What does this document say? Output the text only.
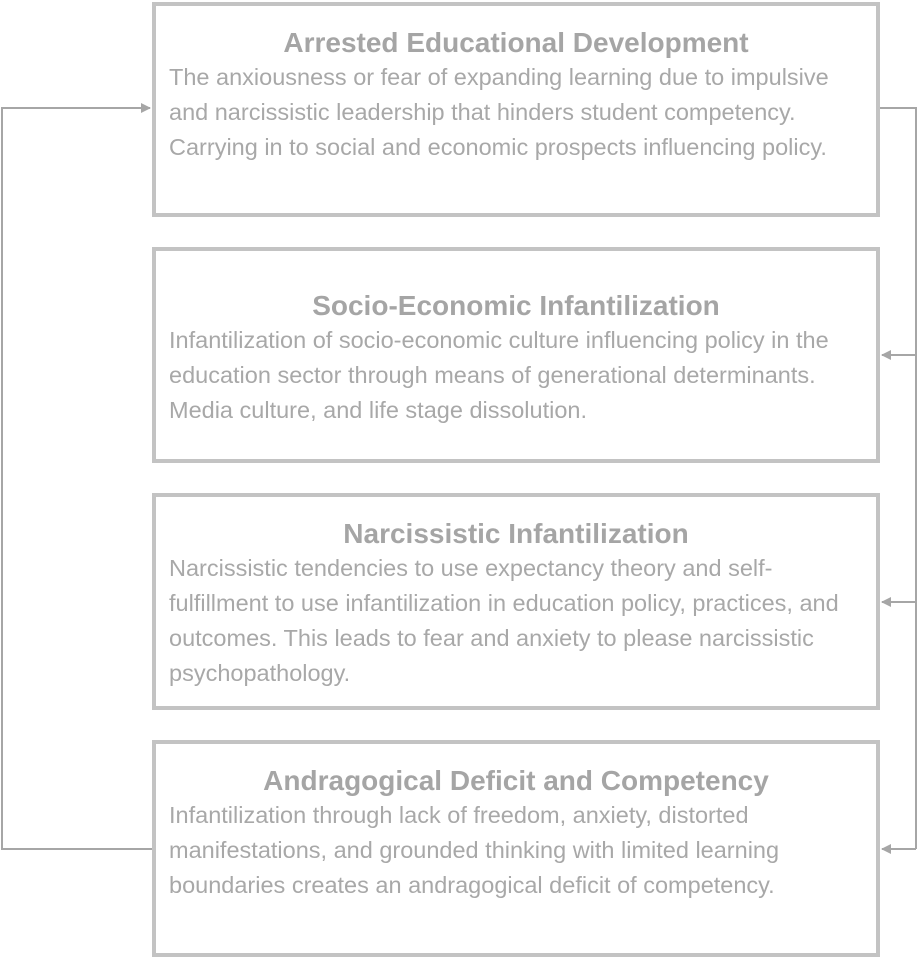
Arrested Educational Development
The anxiousness or fear of expanding learning due to impulsive and narcissistic leadership that hinders student competency. Carrying in to social and economic prospects influencing policy.
Socio-Economic Infantilization
Infantilization of socio-economic culture influencing policy in the education sector through means of generational determinants. Media culture, and life stage dissolution.
Narcissistic Infantilization
Narcissistic tendencies to use expectancy theory and self-fulfillment to use infantilization in education policy, practices, and outcomes. This leads to fear and anxiety to please narcissistic psychopathology.
Andragogical Deficit and Competency
Infantilization through lack of freedom, anxiety, distorted manifestations, and grounded thinking with limited learning boundaries creates an andragogical deficit of competency.
